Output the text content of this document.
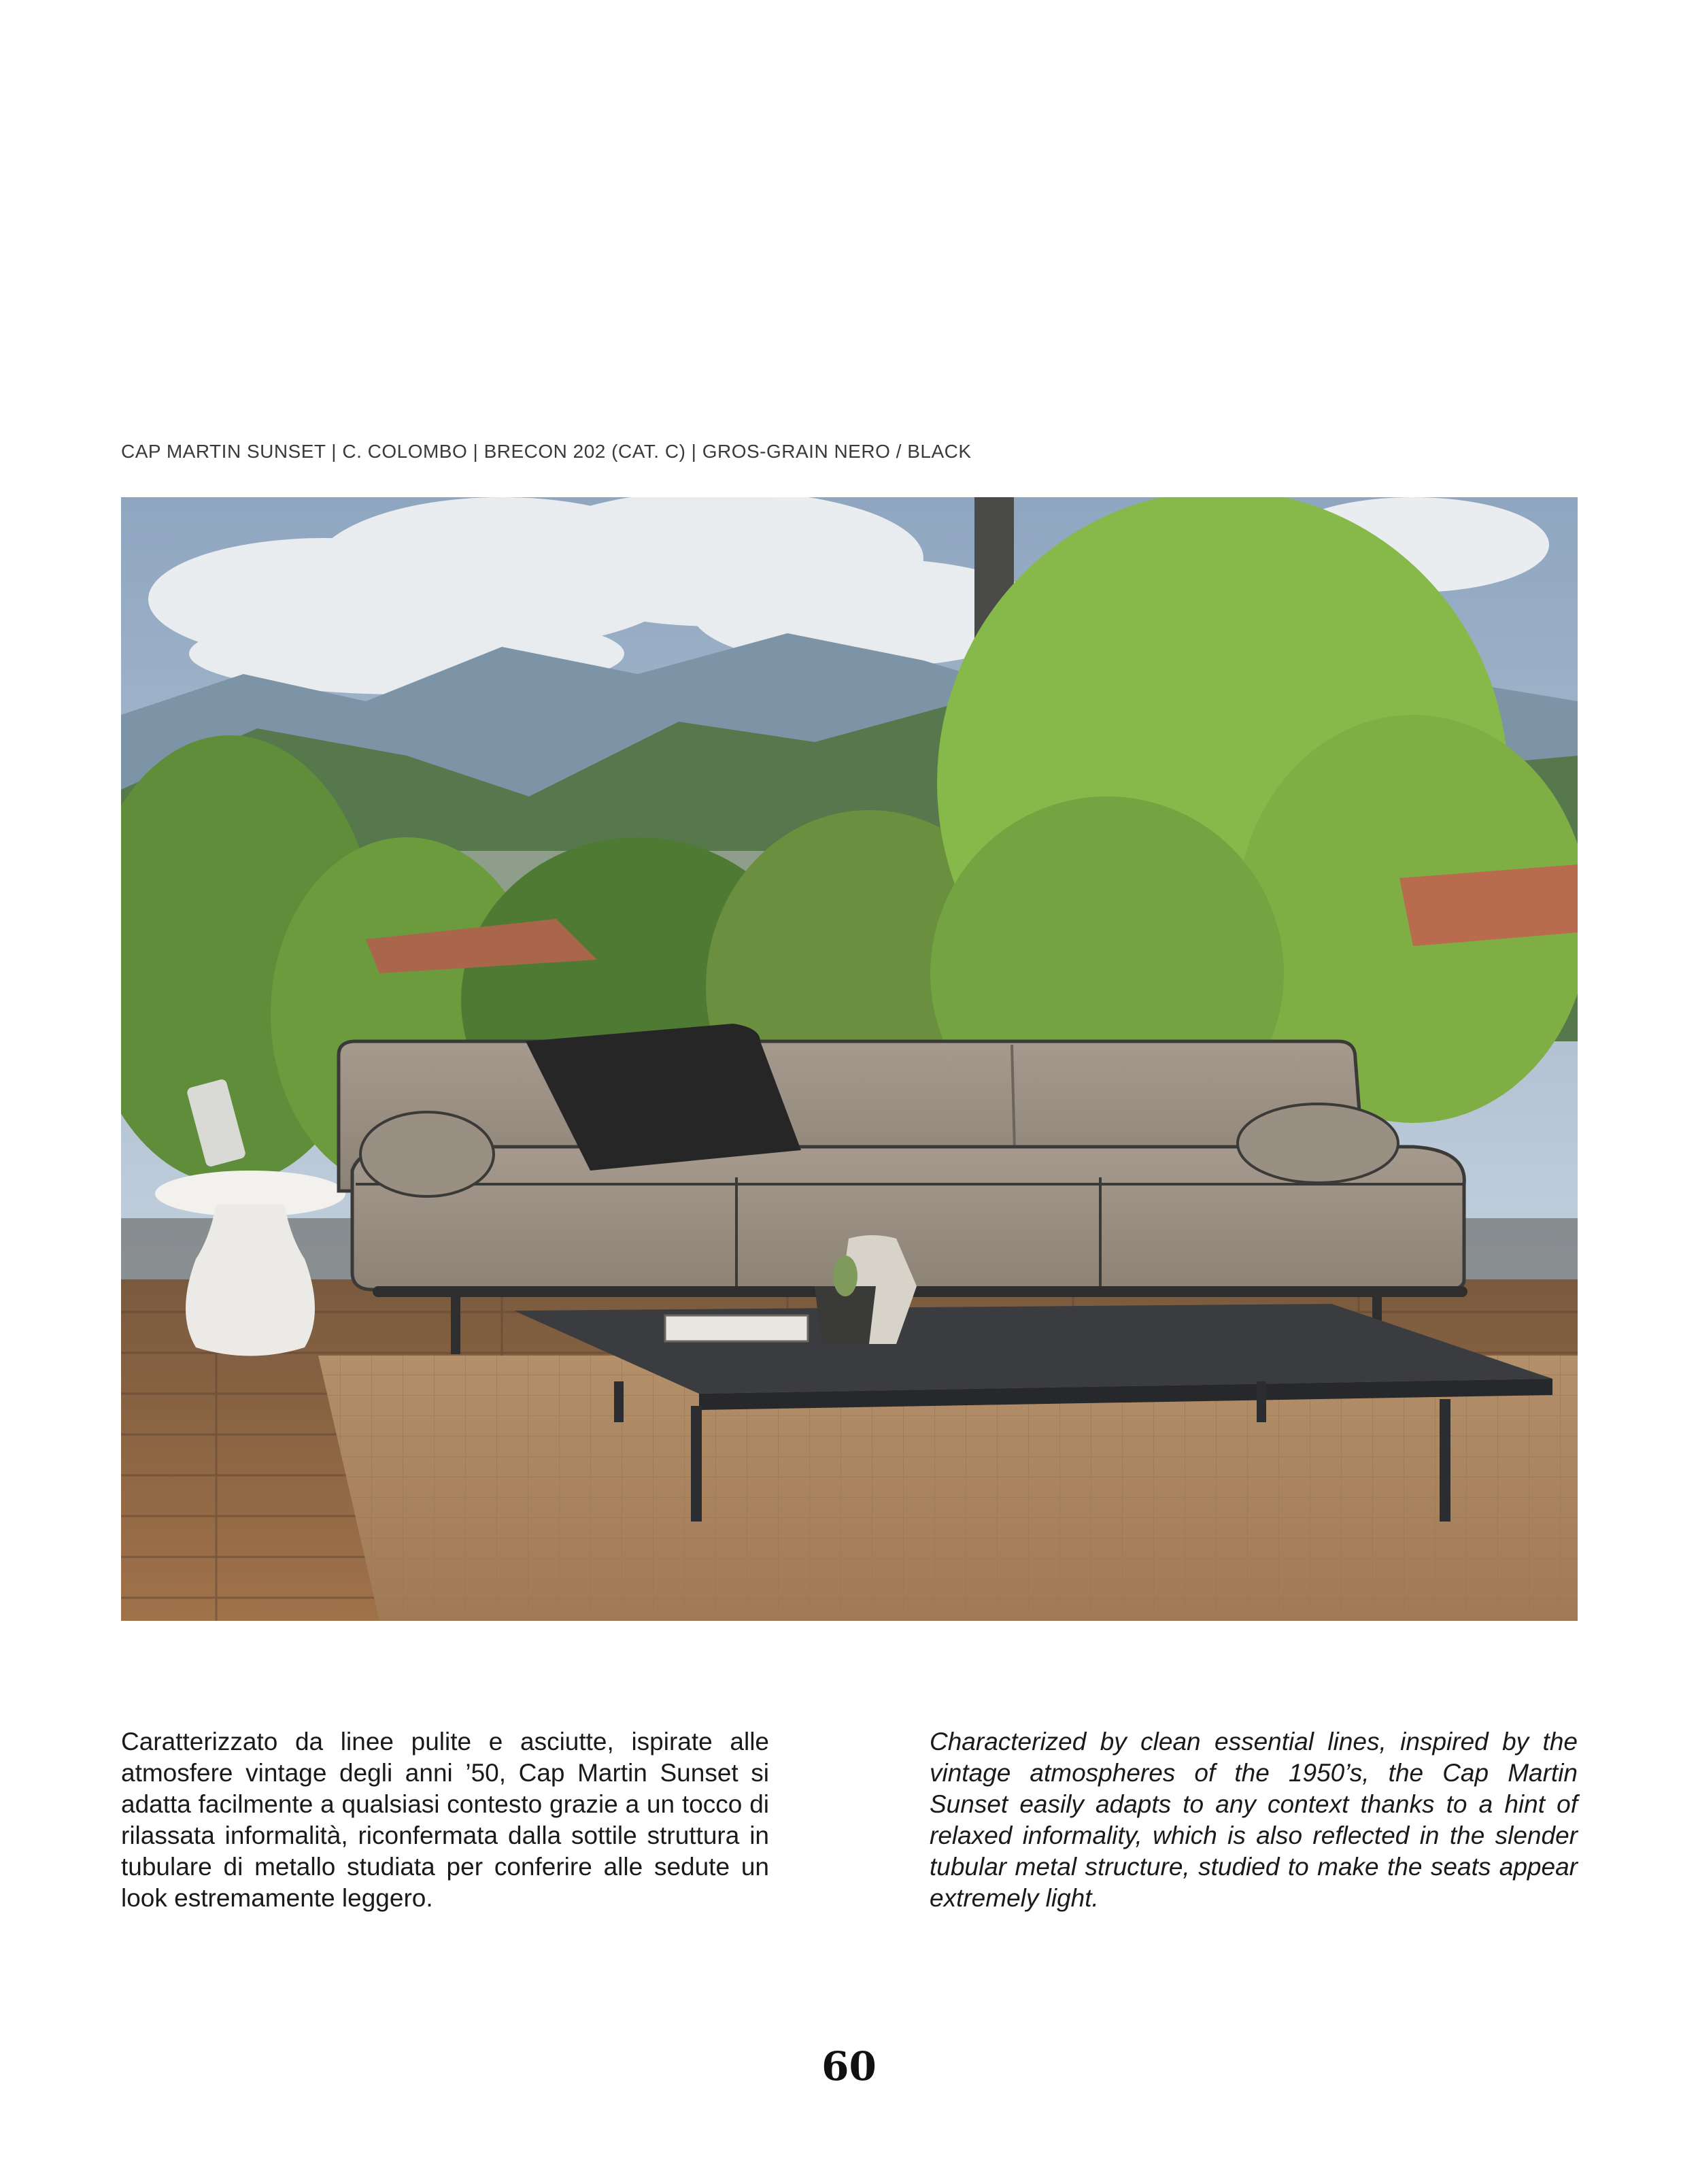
CAP MARTIN SUNSET | C. COLOMBO | BRECON 202 (CAT. C) | GROS-GRAIN NERO / BLACK
Caratterizzato da linee pulite e asciutte, ispirate alle atmosfere vintage degli anni ’50, Cap Martin Sunset si adatta facilmente a qualsiasi contesto grazie a un tocco di rilassata informalità, riconfermata dalla sottile struttura in tubulare di metallo studiata per conferire alle sedute un look estremamente leggero.
Characterized by clean essential lines, inspired by the vintage atmospheres of the 1950’s, the Cap Martin Sunset easily adapts to any context thanks to a hint of relaxed informality, which is also reflected in the slender tubular metal structure, studied to make the seats appear extremely light.
60
